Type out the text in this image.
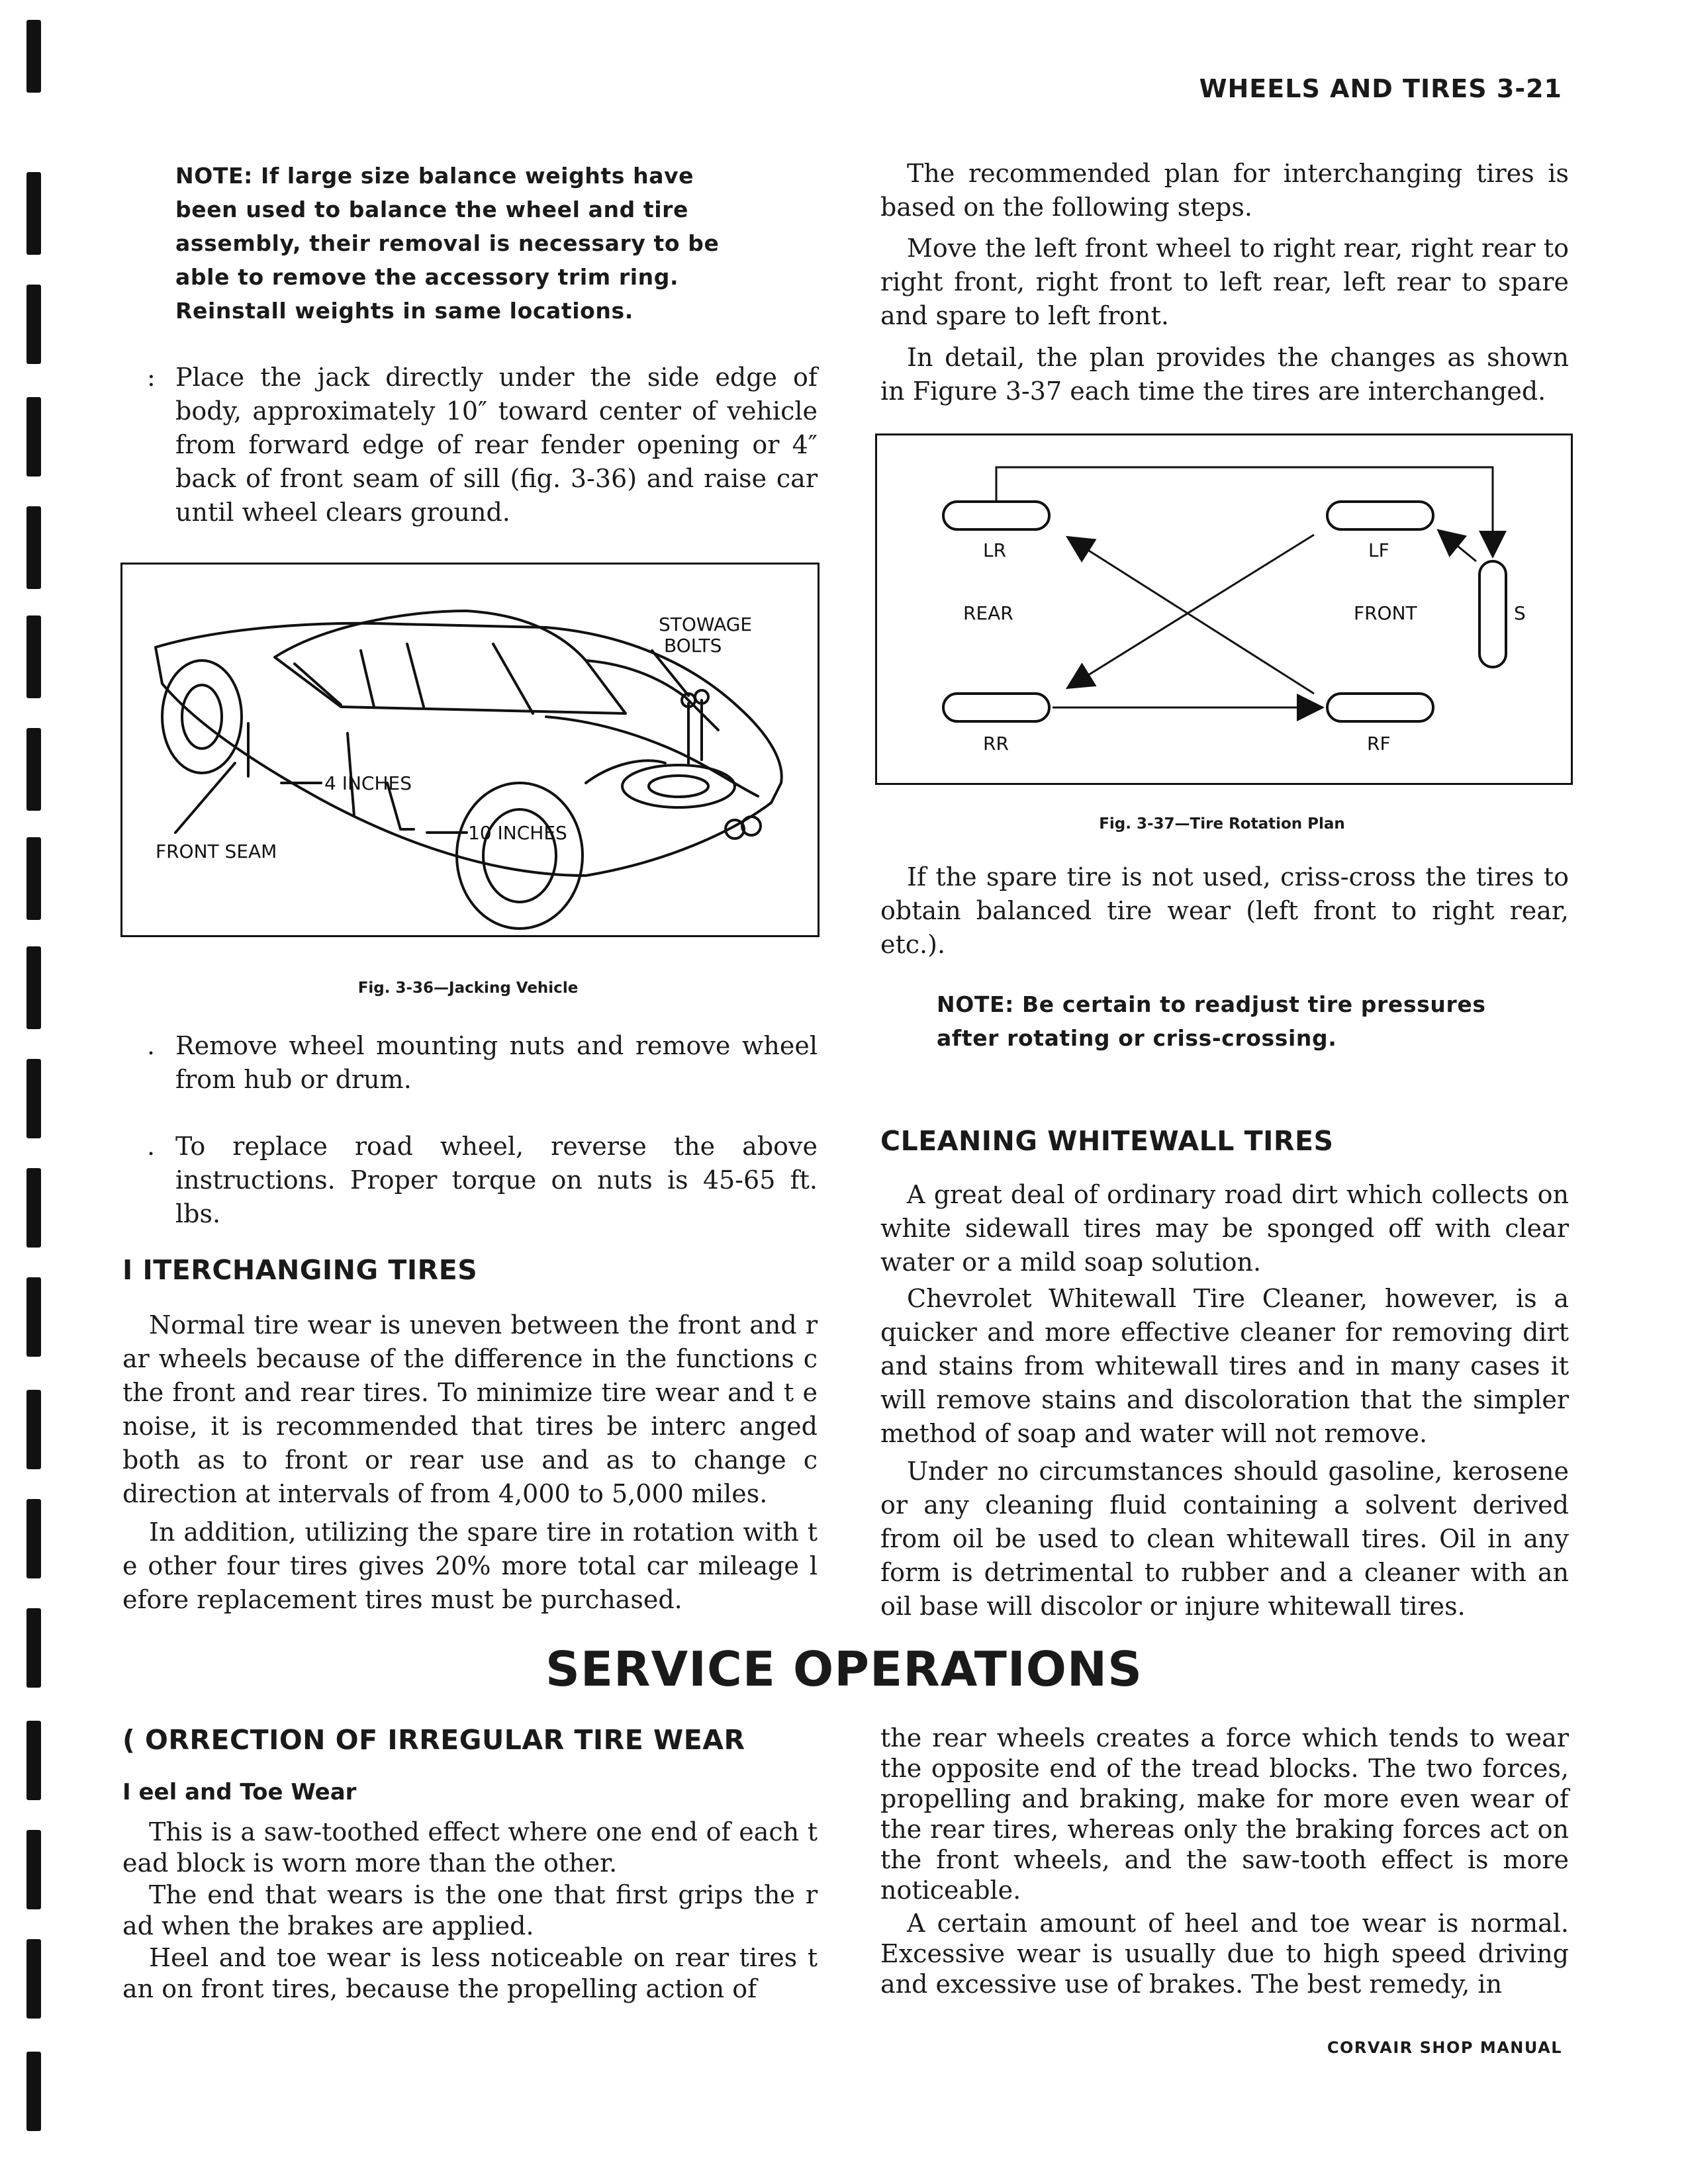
WHEELS AND TIRES 3-21

NOTE: If large size balance weights have been used to balance the wheel and tire assembly, their removal is necessary to be able to remove the accessory trim ring. Reinstall weights in same locations.

: Place the jack directly under the side edge of body, approximately 10″ toward center of vehicle from forward edge of rear fender opening or 4″ back of front seam of sill (fig. 3-36) and raise car until wheel clears ground.

STOWAGE
BOLTS
4 INCHES
10 INCHES
FRONT SEAM

Fig. 3-36—Jacking Vehicle

. Remove wheel mounting nuts and remove wheel from hub or drum.

. To replace road wheel, reverse the above instructions. Proper torque on nuts is 45-65 ft. lbs.

I ITERCHANGING TIRES

Normal tire wear is uneven between the front and r ar wheels because of the difference in the functions c the front and rear tires. To minimize tire wear and t e noise, it is recommended that tires be interc anged both as to front or rear use and as to change c direction at intervals of from 4,000 to 5,000 miles.

In addition, utilizing the spare tire in rotation with t e other four tires gives 20% more total car mileage l efore replacement tires must be purchased.

The recommended plan for interchanging tires is based on the following steps.

Move the left front wheel to right rear, right rear to right front, right front to left rear, left rear to spare and spare to left front.

In detail, the plan provides the changes as shown in Figure 3-37 each time the tires are interchanged.

LR	LF
RR	RF
REAR	FRONT	S

Fig. 3-37—Tire Rotation Plan

If the spare tire is not used, criss-cross the tires to obtain balanced tire wear (left front to right rear, etc.).

NOTE: Be certain to readjust tire pressures after rotating or criss-crossing.

CLEANING WHITEWALL TIRES

A great deal of ordinary road dirt which collects on white sidewall tires may be sponged off with clear water or a mild soap solution.

Chevrolet Whitewall Tire Cleaner, however, is a quicker and more effective cleaner for removing dirt and stains from whitewall tires and in many cases it will remove stains and discoloration that the simpler method of soap and water will not remove.

Under no circumstances should gasoline, kerosene or any cleaning fluid containing a solvent derived from oil be used to clean whitewall tires. Oil in any form is detrimental to rubber and a cleaner with an oil base will discolor or injure whitewall tires.

SERVICE OPERATIONS
( ORRECTION OF IRREGULAR TIRE WEAR
I eel and Toe Wear

This is a saw-toothed effect where one end of each t ead block is worn more than the other.

The end that wears is the one that first grips the r ad when the brakes are applied.

Heel and toe wear is less noticeable on rear tires t an on front tires, because the propelling action of

the rear wheels creates a force which tends to wear the opposite end of the tread blocks. The two forces, propelling and braking, make for more even wear of the rear tires, whereas only the braking forces act on the front wheels, and the saw-tooth effect is more noticeable.

A certain amount of heel and toe wear is normal. Excessive wear is usually due to high speed driving and excessive use of brakes. The best remedy, in

CORVAIR SHOP MANUAL
